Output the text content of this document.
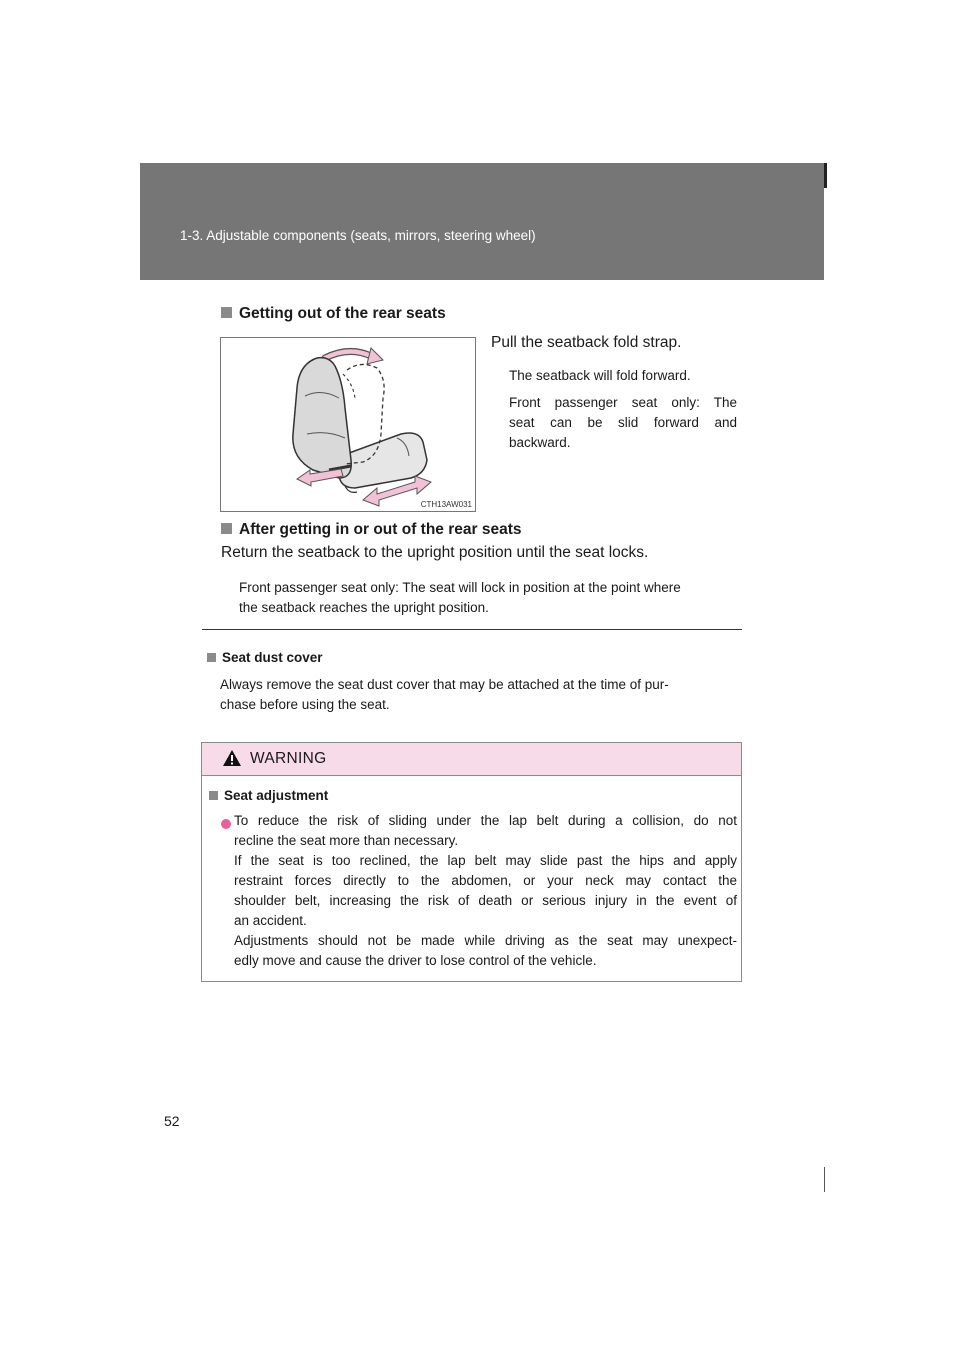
1-3. Adjustable components (seats, mirrors, steering wheel)
Getting out of the rear seats
CTH13AW031
Pull the seatback fold strap.
The seatback will fold forward.
Front passenger seat only: The
seat can be slid forward and
backward.
After getting in or out of the rear seats
Return the seatback to the upright position until the seat locks.
Front passenger seat only: The seat will lock in position at the point where
the seatback reaches the upright position.
Seat dust cover
Always remove the seat dust cover that may be attached at the time of pur-
chase before using the seat.
WARNING
Seat adjustment
To reduce the risk of sliding under the lap belt during a collision, do not
recline the seat more than necessary.
If the seat is too reclined, the lap belt may slide past the hips and apply
restraint forces directly to the abdomen, or your neck may contact the
shoulder belt, increasing the risk of death or serious injury in the event of
an accident.
Adjustments should not be made while driving as the seat may unexpect-
edly move and cause the driver to lose control of the vehicle.
52
